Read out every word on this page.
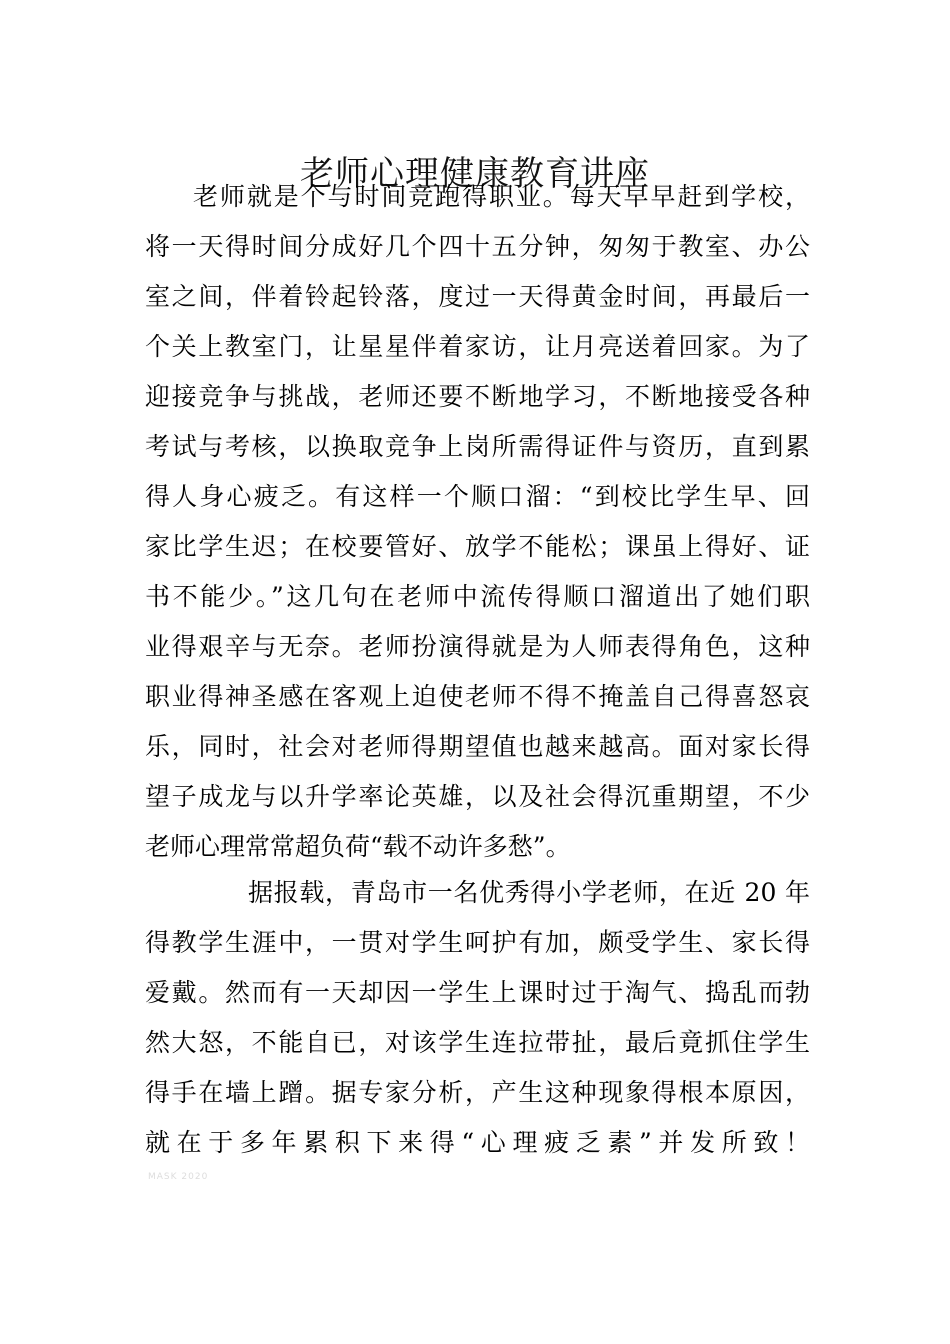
老师心理健康教育讲座
老师就是个与时间竞跑得职业。每天早早赶到学校，
将一天得时间分成好几个四十五分钟，匆匆于教室、办公
室之间，伴着铃起铃落，度过一天得黄金时间，再最后一
个关上教室门，让星星伴着家访，让月亮送着回家。为了
迎接竞争与挑战，老师还要不断地学习，不断地接受各种
考试与考核，以换取竞争上岗所需得证件与资历，直到累
得人身心疲乏。有这样一个顺口溜：“到校比学生早、回
家比学生迟；在校要管好、放学不能松；课虽上得好、证
书不能少。”这几句在老师中流传得顺口溜道出了她们职
业得艰辛与无奈。老师扮演得就是为人师表得角色，这种
职业得神圣感在客观上迫使老师不得不掩盖自己得喜怒哀
乐，同时，社会对老师得期望值也越来越高。面对家长得
望子成龙与以升学率论英雄，以及社会得沉重期望，不少
老师心理常常超负荷“载不动许多愁”。
据报载，青岛市一名优秀得小学老师，在近 20 年
得教学生涯中，一贯对学生呵护有加，颇受学生、家长得
爱戴。然而有一天却因一学生上课时过于淘气、捣乱而勃
然大怒，不能自已，对该学生连拉带扯，最后竟抓住学生
得手在墙上蹭。据专家分析，产生这种现象得根本原因，
就在于多年累积下来得“心理疲乏素”并发所致！
MASK 2020
